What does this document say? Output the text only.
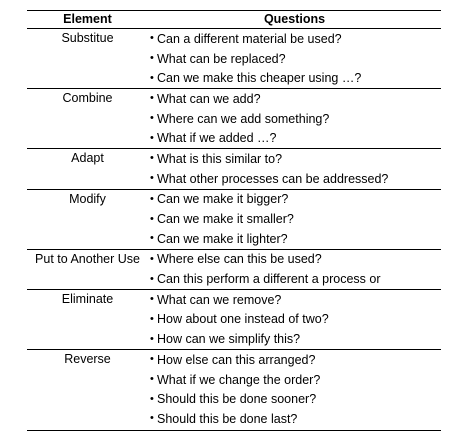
Element	Questions
Substitue	• Can a different material be used?
• What can be replaced?
• Can we make this cheaper using …?
Combine	• What can we add?
• Where can we add something?
• What if we added …?
Adapt	• What is this similar to?
• What other processes can be addressed?
Modify	• Can we make it bigger?
• Can we make it smaller?
• Can we make it lighter?
Put to Another Use • Where else can this be used?
• Can this perform a different a process or
Eliminate	• What can we remove?
• How about one instead of two?
• How can we simplify this?
Reverse	• How else can this arranged?
• What if we change the order?
• Should this be done sooner?
• Should this be done last?
